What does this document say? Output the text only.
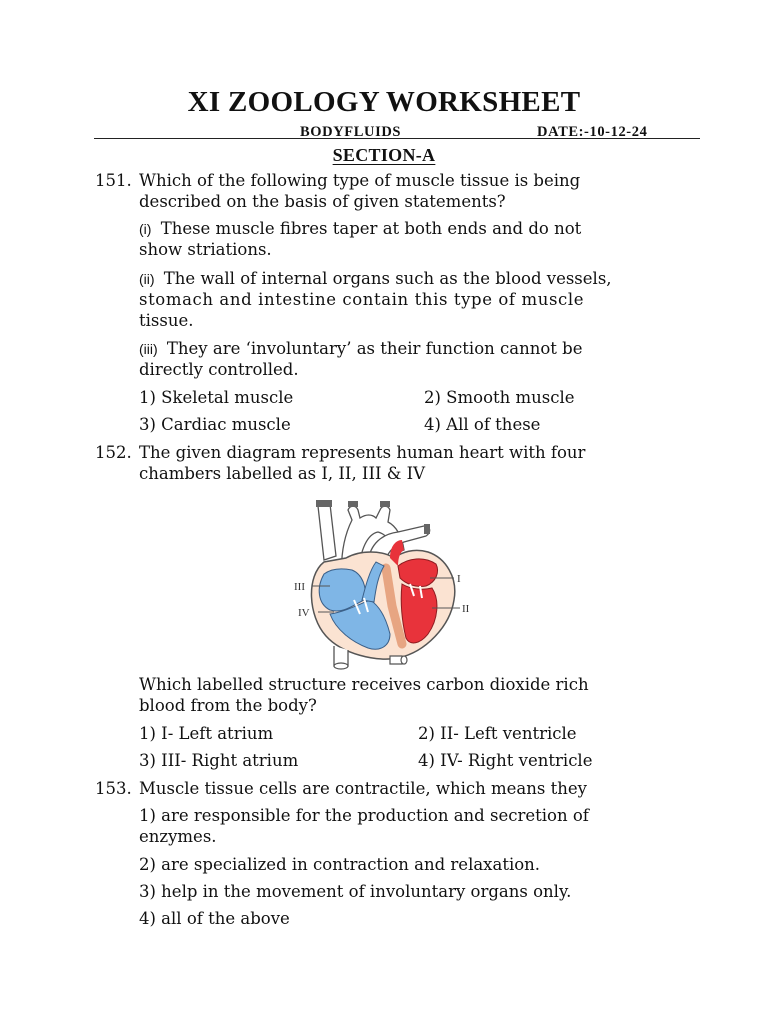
XI ZOOLOGY WORKSHEET
BODYFLUIDS	DATE:-10-12-24
SECTION-A
151. Which of the following type of muscle tissue is being
described on the basis of given statements?
(i) These muscle fibres taper at both ends and do not
show striations.
(ii) The wall of internal organs such as the blood vessels,
stomach and intestine contain this type of muscle
tissue.
(iii) They are ‘involuntary’ as their function cannot be
directly controlled.
1) Skeletal muscle	2) Smooth muscle
3) Cardiac muscle	4) All of these
152. The given diagram represents human heart with four
chambers labelled as I, II, III & IV
I
II
III
IV
Which labelled structure receives carbon dioxide rich
blood from the body?
1) I- Left atrium	2) II- Left ventricle
3) III- Right atrium	4) IV- Right ventricle
153. Muscle tissue cells are contractile, which means they
1) are responsible for the production and secretion of
enzymes.
2) are specialized in contraction and relaxation.
3) help in the movement of involuntary organs only.
4) all of the above
